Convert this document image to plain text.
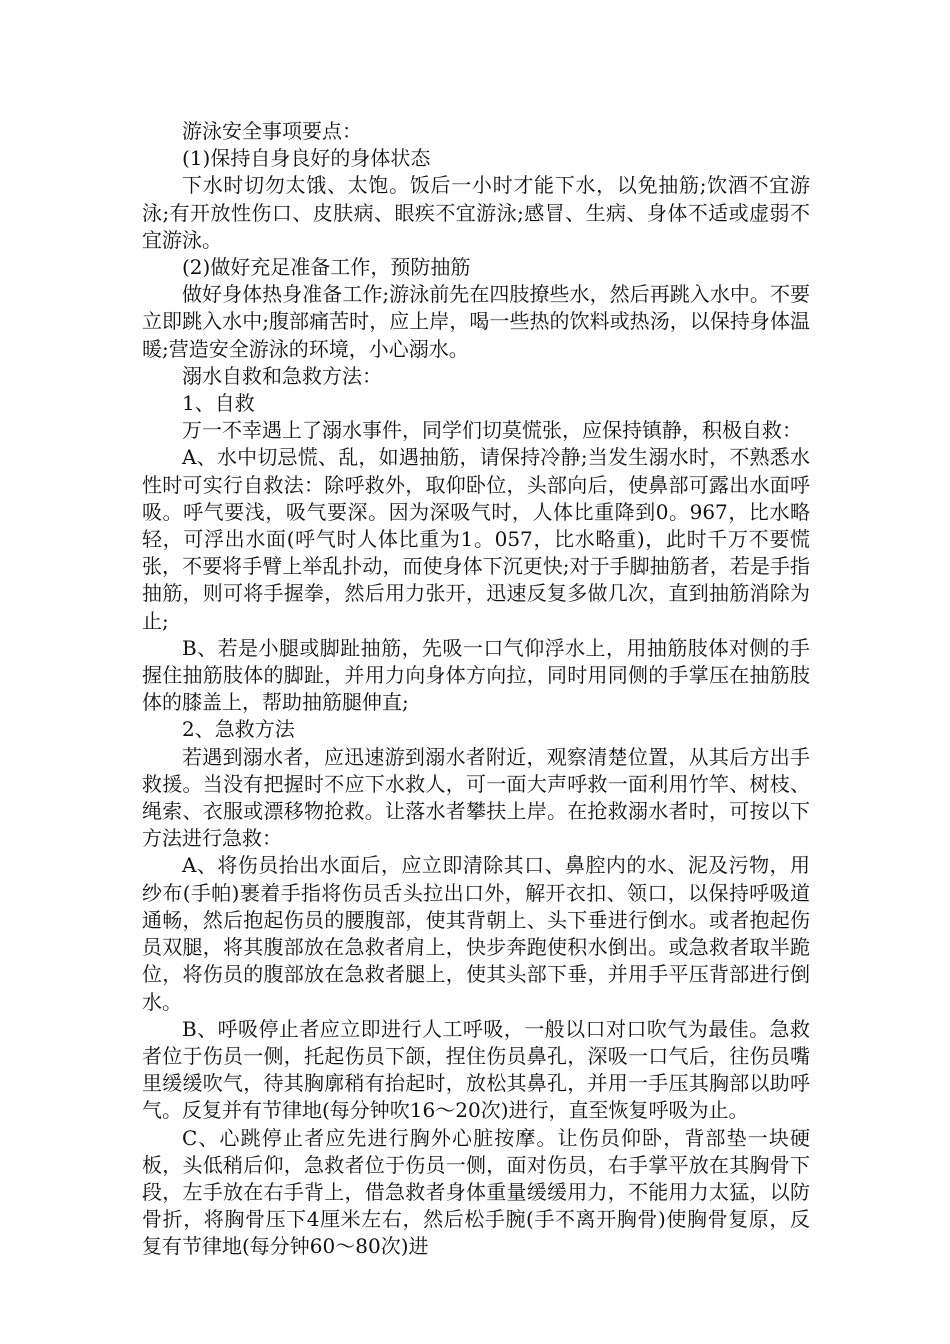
游泳安全事项要点：

(1)保持自身良好的身体状态

下水时切勿太饿、太饱。饭后一小时才能下水，以免抽筋;饮酒不宜游泳;有开放性伤口、皮肤病、眼疾不宜游泳;感冒、生病、身体不适或虚弱不宜游泳。

(2)做好充足准备工作，预防抽筋

做好身体热身准备工作;游泳前先在四肢撩些水，然后再跳入水中。不要立即跳入水中;腹部痛苦时，应上岸，喝一些热的饮料或热汤，以保持身体温暖;营造安全游泳的环境，小心溺水。

溺水自救和急救方法：

1、自救

万一不幸遇上了溺水事件，同学们切莫慌张，应保持镇静，积极自救：

A、水中切忌慌、乱，如遇抽筋，请保持冷静;当发生溺水时，不熟悉水性时可实行自救法：除呼救外，取仰卧位，头部向后，使鼻部可露出水面呼吸。呼气要浅，吸气要深。因为深吸气时，人体比重降到0。967，比水略轻，可浮出水面(呼气时人体比重为1。057，比水略重)，此时千万不要慌张，不要将手臂上举乱扑动，而使身体下沉更快;对于手脚抽筋者，若是手指抽筋，则可将手握拳，然后用力张开，迅速反复多做几次，直到抽筋消除为止;

B、若是小腿或脚趾抽筋，先吸一口气仰浮水上，用抽筋肢体对侧的手握住抽筋肢体的脚趾，并用力向身体方向拉，同时用同侧的手掌压在抽筋肢体的膝盖上，帮助抽筋腿伸直;

2、急救方法

若遇到溺水者，应迅速游到溺水者附近，观察清楚位置，从其后方出手救援。当没有把握时不应下水救人，可一面大声呼救一面利用竹竿、树枝、绳索、衣服或漂移物抢救。让落水者攀扶上岸。在抢救溺水者时，可按以下方法进行急救：

A、将伤员抬出水面后，应立即清除其口、鼻腔内的水、泥及污物，用纱布(手帕)裹着手指将伤员舌头拉出口外，解开衣扣、领口，以保持呼吸道通畅，然后抱起伤员的腰腹部，使其背朝上、头下垂进行倒水。或者抱起伤员双腿，将其腹部放在急救者肩上，快步奔跑使积水倒出。或急救者取半跪位，将伤员的腹部放在急救者腿上，使其头部下垂，并用手平压背部进行倒水。

B、呼吸停止者应立即进行人工呼吸，一般以口对口吹气为最佳。急救者位于伤员一侧，托起伤员下颌，捏住伤员鼻孔，深吸一口气后，往伤员嘴里缓缓吹气，待其胸廓稍有抬起时，放松其鼻孔，并用一手压其胸部以助呼气。反复并有节律地(每分钟吹16～20次)进行，直至恢复呼吸为止。

C、心跳停止者应先进行胸外心脏按摩。让伤员仰卧，背部垫一块硬板，头低稍后仰，急救者位于伤员一侧，面对伤员，右手掌平放在其胸骨下段，左手放在右手背上，借急救者身体重量缓缓用力，不能用力太猛，以防骨折，将胸骨压下4厘米左右，然后松手腕(手不离开胸骨)使胸骨复原，反复有节律地(每分钟60～80次)进
